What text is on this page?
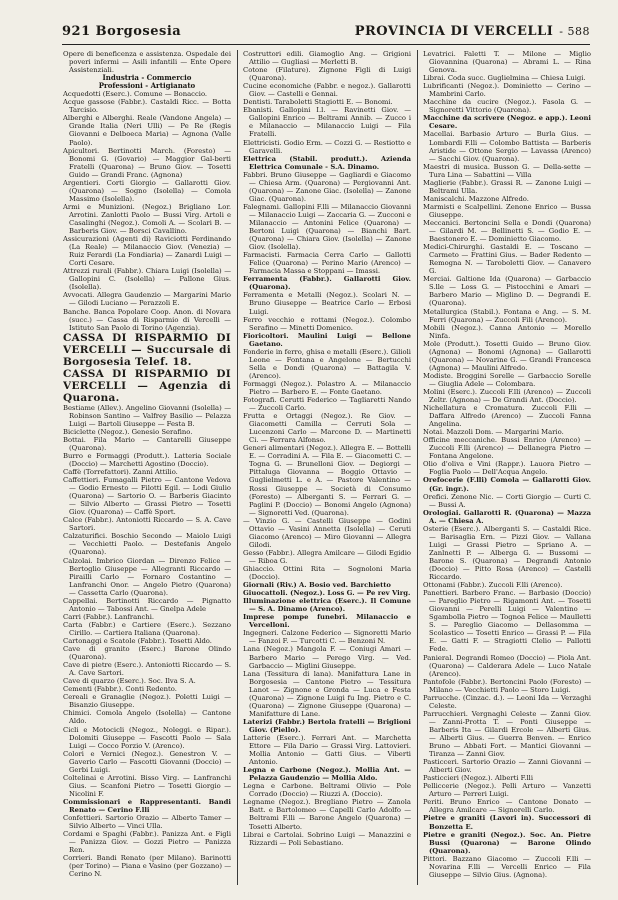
921 Borgosesia	PROVINCIA DI VERCELLI - 588

Opere di beneficenza e assistenza. Ospedale dei poveri infermi — Asili infantili — Ente Opere Assistenziali.

Industria - Commercio

Professioni - Artigianato

Acquedotti (Eserc.). Comune — Bonaccio.

Acque gassose (Fabbr.). Castaldi Ricc. — Botta Tarcisio.

Alberghi e Alberghi. Reale (Vandone Angela) — Grande Italia (Neri Ulli) — Pe Re (Regis Giovanni e Delboeca Maria) — Agnona (Valle Paolo).

Apicultori. Bertinotti March. (Foresto) — Bonomi G. (Govario) — Maggior Gal-berti Fratelli (Quarona) — Bruno Giov. — Tosetti Guido — Grandi Franc. (Agnona)

Argentieri. Corti Giorgio — Gallarotti Giov. (Quarona) — Sogno (Isolella) — Comola Massimo (Isolella).

Armi e Munizioni. (Negoz.) Brigliano Lor. Arrotini. Zanlotti Paolo — Bussi Virg. Artoli e Casalinghi (Negoz.). Comoli A. — Scolari B. — Barberis Giov. — Borsci Cavallino.

Assicurazioni (Agenti di) Raviciotti Ferdinando (La Reale) — Milanaccio Giov. (Venezia) — Ruiz Ferardi (La Fondiaria) — Zanardi Luigi — Corti Cesare.

Attrezzi rurali (Fabbr.). Chiara Luigi (Isolella) — Gallopini C. (Isolella) — Pallone Gius. (Isolella).

Avvocati. Allegra Gaudenzio — Margarini Mario — Gilodi Luciano — Perazzoli E.

Banche. Banca Popolare Coop. Anon. di Novara (succ.) — Cassa di Risparmio di Vercelli — Istituto San Paolo di Torino (Agenzia).

CASSA DI RISPARMIO DI VERCELLI — Succursale di Borgosesia Telef. 18.

CASSA DI RISPARMIO DI VERCELLI — Agenzia di Quarona.

Bestiame (Allev.). Angelino Giovanni (Isolella) — Robinson Santino — Valfrey Basilio — Pelazza Luigi — Bartoli Giuseppe — Festa B.

Biciclette (Negoz.). Genesio Serafino.

Bottai. Fila Mario — Cantarelli Giuseppe (Quarona).

Burro e Formaggi (Produtt.). Latteria Sociale (Doccio) — Marchetti Agostino (Doccio).

Caffè (Torrefattori). Zanni Attilio.

Caffettieri. Fumagalli Pietro — Cantone Vedova — Godio Ernesto — Filotti Egil. — Lodi Giulio (Quarona) — Sartorio O. — Barberis Giacinto — Silvio Alberto — Grassi Pietro — Tosetti Giov. (Quarona) — Caffè Sport.

Calce (Fabbr.). Antoniotti Riccardo — S. A. Cave Sartori.

Calzaturifici. Boschio Secondo — Maiolo Luigi — Vecchietti Paolo. — Destefanis Angelo (Quarona).

Calzolai. Imbrico Giordan — Direnzo Felice — Bertoglio Giuseppe — Allegranti Riccardo — Pirailli Carlo — Fornaro Costantino — Lanfranchi Onor. — Angelo Pietro (Quarona) — Cassetta Carlo (Quarona).

Cappellai. Bertinotti Riccardo — Pignatto Antonio — Tabossi Ant. — Gnelpa Adele

Carri (Fabbr.). Lanfranchi.

Carta (Fabbr.) e Cartiere (Eserc.). Sezzano Cirillo. — Cartiera Italiana (Quarona).

Cartonaggi e Scatole (Fabbr.). Tosetti Aldo.

Cave di granito (Eserc.) Barone Olindo (Quarona).

Cave di pietre (Eserc.). Antoniotti Riccardo — S. A. Cave Sartori.

Cave di quarzo (Eserc.). Soc. Ilva S. A.

Cementi (Fabbr.). Conti Redento.

Cereali e Granaglie (Negoz.). Poletti Luigi — Bisanzio Giuseppe.

Chimici. Comola Angelo (Isolella) — Cantone Aldo.

Cicli e Motocicli (Negoz., Noleggi. e Ripar.). Dolomiti Giuseppe — Fascotti Paolo — Sala Luigi — Cocco Porzio V. (Arenco).

Colori e Vernici (Negoz.). Genestron V. — Gaverio Carlo — Fascotti Giovanni (Doccio) — Gerbi Luigi.

Coltelinai e Arrotini. Bisso Virg. — Lanfranchi Gius. — Scanfoni Pietro — Tosetti Giorgio — Nicolini F.

Commissionari e Rappresentanti. Bandi Renato — Cerino F.lli

Confettieri. Sartorio Orazio — Alberto Tamer — Silvio Alberto — Vinci Ulla.

Cordami e Spaghi (Fabbr.). Panizza Ant. e Figli — Panizza Giov. — Gozzi Pietro — Panizza Ren.

Corrieri. Bandi Renato (per Milano). Barinotti (per Torino) — Piana e Vasino (per Gozzano) — Cerino N.

Costruttori edili. Giamoglio Ang. — Grigioni Attilio — Gugliasi — Merletti B.

Cotone (Filature). Zignone Figli di Luigi (Quarona).

Cucine economiche (Fabbr. e negoz.). Gallarotti Giov. — Castelli e Gennai.

Dentisti. Taraboletti Stagiotti E. — Bonomi.

Ebanisti. Gallopini I.l. — Ravinetti Giov. — Gallopini Enrico — Beltrami Annib. — Zucco i e Milanaccio — Milanaccio Luigi — Fila Fratelli.

Elettricisti. Godio Erm. — Cozzi G. — Restiotto e Garavelli.

Elettrica (Stabil. produtt.). Azienda Elettrica Comunale - S.A. Dinamo.

Fabbri. Bruno Giuseppe — Gagliardi e Giacomo — Chiesa Arm. (Quarona) — Pergiovanni Ant. (Quarona) — Zanone Giac. (Isolella) — Zanone Giac. (Quarona).

Falegnami. Gallopini F.lli — Milanaccio Giovanni — Milanaccio Luigi — Zaccaria G. — Zucconi e Milanaccio — Antonini Felice (Quarona) — Bertoni Luigi (Quarona) — Bianchi Bart. (Quarona) — Chiara Giov. (Isolella) — Zanone Giov. (Isolella).

Farmacisti. Farmacia Cerra Carlo — Gallotti Felice (Quarona) — Perino Mario (Arenco) — Farmacia Massa e Stoppani — Imassi.

Ferramenta (Fabbr.). Gallarotti Giov. (Quarona).

Ferramenta e Metalli (Negoz.). Scolari N. — Bruno Giuseppe — Beatrice Carlo — Erbosi Luigi.

Ferro vecchio e rottami (Negoz.). Colombo Serafino — Minetti Domenico.

Fioricoltori. Maulini Luigi — Bellone Gaetano.

Fonderie in ferro, ghisa e metalli (Eserc.). Gilioli Leone — Fontana e Angelone — Bertucchi Sella e Dondi (Quarona) — Battagila V. (Arenco).

Formaggi (Negoz.). Polastro A. — Milanaccio Pietro — Barbero E. — Fonte Gaetano.

Fotografi. Cerutti Federico — Tagliaretti Nando — Zuccoli Carlo.

Frutta e Ortaggi (Negoz.). Re Giov. — Giacometti Camilla — Cerruti Sola — Lucenzoni Carlo — Marcone D. — Martinetti Ci. — Ferrara Alfonso.

Generi alimentari (Negoz.). Allegra E. — Bottelli E. — Corradini A. — Fila E. — Giacometti C. — Togna G. — Brunelloni Giov. — Degiorgi — Pittaluga Giovanna — Boggio Ottavio — Guglielmetti L. e A. — Pastore Valentino — Rossi Giuseppe — Società di Consumo (Foresto) — Alberganti S. — Ferrari G. — Paglini P. (Doccio) — Bonomi Angelo (Agnona) — Signoretti Ved. (Quarona).

— Vinzio G. — Castelli Giuseppe — Godini Ottavio — Vasini Annetta (Isolella) — Ceruti Giacomo (Arenco) — Miro Giovanni — Allegra Gilodi.

Gesso (Fabbr.). Allegra Amilcare — Gilodi Egidio — Riboa G.

Ghiaccio. Ottini Rita — Sognoloni Maria (Doccio).

Giornali (Riv.) A. Bosio ved. Barchietto

Giuocattoli. (Negoz.). Loss G. — Pe rev Virg.

Illuminazione elettrica (Eserc.). Il Comune — S. A. Dinamo (Arenco).

Imprese pompe funebri. Milanaccio e Vercelloni.

Ingegneri. Calzone Federico — Signoretti Mario — Fanzoi F. — Turcotti C. — Benzoni N.

Lana (Negoz.) Mangola F. — Coniugi Amari — Barbero Mario — Perego Virg. — Ved. Garbaccio — Miglini Giuseppe.

Lana (Tessitura di lana). Manifattura Lane in Borgosesia — Cantone Pietro — Tessitura Lanot — Zignone e Gronda — Luca e Festa (Quarona) — Zignone Luigi fu Ing. Pietro e C. (Quarona) — Zignone Giuseppe (Quarona) — Manifatture di Lane.

Laterizi (Fabbr.) Bertola fratelli — Briglioni Giov. (Piello).

Latterie (Eserc.). Ferrari Ant. — Marchetta Ettore — Fila Dario — Grassi Virg. Lattovieri. Mollia Antonio — Gatti Gius. — Viberti Antonio.

Legna e Carbone (Negoz.). Mollia Ant. — Pelazza Gaudenzio — Mollia Aldo.

Legna e Carbone. Beltrami Olivio — Pole Corrado (Doccio) — Riuzzi A. (Doccio).

Legname (Negoz.). Bregliano Pietro — Zanola Batt. e Bartolomeo — Capelli Carlo Adolfo — Beltrami F.lli — Barone Angelo (Quarona) — Tosetti Alberto.

Librai e Cartolai. Sobrino Luigi — Manazzini e Rizzardi — Poli Sebastiano.

Levatrici. Faletti T. — Milone — Miglio Giovannina (Quarona) — Abrami L. — Rina Genova.

Librai. Coda succ. Guglielmina — Chiesa Luigi.

Lubrificanti (Negoz.). Dominietto — Cerino — Mambrini Carlo.

Macchine da cucire (Negoz.). Fasola G. — Signoretti Vittorio (Quarona).

Macchine da scrivere (Negoz. e app.). Leoni Cesare.

Macellai. Barbasio Arturo — Burla Gius. — Lombardi F.lli — Colombo Battista — Barberis Aristide — Ottone Sergio — Lavassa (Arenco) — Sacchi Giov. (Quarona).

Maestri di musica. Busson G. — Della-sette — Tura Lina — Sabattini — Villa

Maglierie (Fabbr.). Grassi R. — Zanone Luigi — Beltrami Ulla.

Maniscalchi. Mazzone Alfredo.

Marmisti e Scalpellini. Zenone Enrico — Bussa Giuseppe.

Meccanici. Bertoncini Sella e Dondi (Quarona) — Gilardi M. — Bellinetti S. — Godio E. — Baestonero E. — Dominietto Giacomo.

Medici-Chirurghi. Gastaldi E. — Toscano — Carmeto — Frattini Gius. — Bader Redento — Remogna N. — Taroboletti Giov. — Canavero G.

Merciai. Galtione Ida (Quarona) — Garbaccio S.lle — Loss G. — Pistocchini e Amari — Barbero Mario — Miglino D. — Degrandi E. (Quarona).

Metallurgica (Stabil.). Fontana e Ang. — S. M. Ferri (Quarona) — Zuccoli Fili (Arenco).

Mobili (Negoz.). Canna Antonio — Morello Ninfa.

Mole (Produtt.). Tosetti Guido — Bruno Giov. (Agnona) — Bonomi (Agnona) — Gallarotti (Quarona) — Novarine G. — Grandi Francesca (Agnona) — Maulini Alfredo.

Modiste. Broggini Sorelle — Garbaccio Sorelle — Giuglia Adele — Colombara.

Molini (Eserc.). Zuccoli F.lli (Arenco) — Zuccoli Zeltr. (Agnona) — De Grandi Ant. (Doccio).

Nichellatura e Cromatura. Zuccoli F.lli — Daffara Alfredo (Arenco) — Zuccoli Fanna Angelina.

Notai. Mazzoli Dom. — Margarini Mario.

Officine meccaniche. Bussi Enrico (Arenco) — Zuccoli F.lli (Arenco) — Dellanegra Pietro — Fontana Angelone.

Olio d'oliva e Vini (Rappr.). Lauora Pietro — Foglia Paolo — Dell'Acqua Angelo.

Orefocerie (F.lli) Comola — Gallarotti Giov. (Gr. ingr.).

Orefici. Zenone Nic. — Corti Giorgio — Curti C. — Bussi A.

Orologiai. Gallarotti R. (Quarona) — Mazza A. — Chiesa A.

Osterie (Eserc.). Alberganti S. — Castaldi Rice. — Barisaglia Ern. — Pizzi Giov. — Vallana Luigi — Grassi Pietro — Spriano A. — Zanlnetti P. — Alberga G. — Bussomi — Barone S. (Quarona) — Degrandi Antonio (Doccio) — Pitto Rosa (Arenco) — Castelli Riccardo.

Ottonami (Fabbr.). Zuccoli F.lli (Arenco).

Panettieri. Barbero Franc. — Barbasio (Doccio) — Pareglio Pietro — Rigamonti Ant. — Tosetti Giovanni — Perelli Luigi — Valentino — Sgambolla Pietro — Tognoa Felice — Maulletti S. — Pareglio Giacomo — Dellasomma — Scolastico — Tosetti Enrico — Grassi P. — Fila E. — Gatti F. — Stragiotti Clelio — Pallotti Fede.

Panieral. Degrandi Romeo (Doccio) — Piola Ant. (Quarona) — Calderara Adele — Luco Natale (Arenco).

Pantofole (Fabbr.). Bertoncini Paolo (Foresto) — Milano — Vecchietti Paolo — Storo Luigi.

Parrucche. (Cinzac. d.). — Leoni Ida — Verzaghi Celeste.

Parrucchieri. Vergnaghi Celeste — Zanni Giov. — Zanni-Protta T. — Ponti Giuseppe — Barberis Ita — Gilardi Ercole — Alberti Gius. — Alberti Gius. — Guerra Benven. — Enrico Bruno — Abbati Fort. — Mantici Giovanni — Tiranza — Zanni Giov.

Pasticceri. Sartorio Orazio — Zanni Giovanni — Alberti Giov.

Pasticcieri (Negoz.). Alberti F.lli

Pelliccerie (Negoz.). Pelli Arturo — Vanzetti Arturo — Perreri Luigi.

Periti. Bruno Enrico — Cantone Donato — Allegra Amilcare — Signorelli Carlo.

Pietre e graniti (Lavori in). Successori di Bonzetta E.

Pietre e graniti (Negoz.). Soc. An. Pietre Bussi (Quarona) — Barone Olindo (Quarona).

Pittori. Bazzano Giacomo — Zuccoli F.lli — Novarina F.lli — Vercelli Enrico — Fila Giuseppe — Silvio Gius. (Agnona).
